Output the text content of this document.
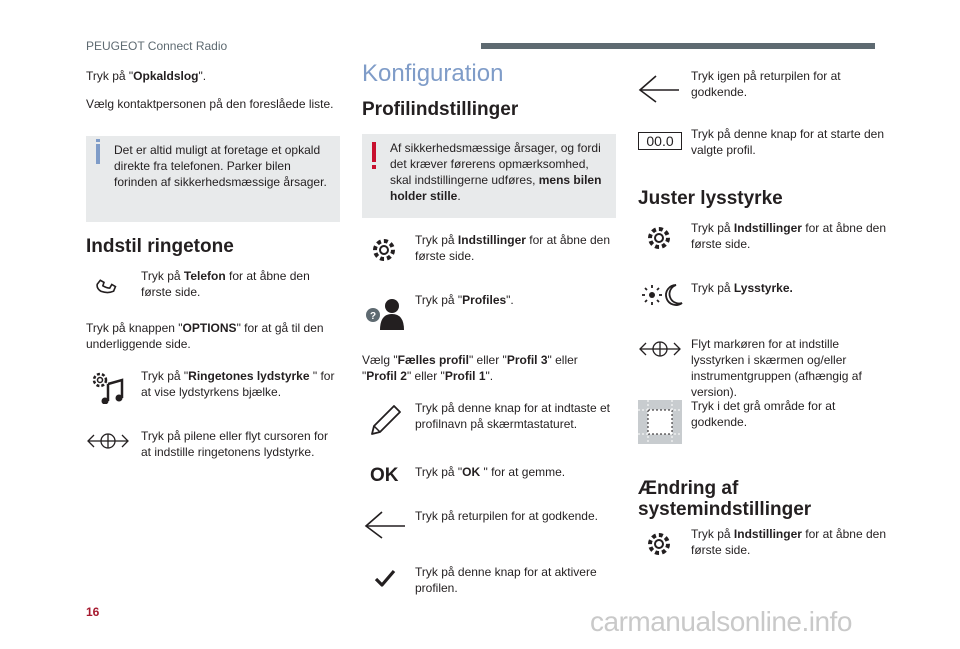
PEUGEOT Connect Radio
16	carmanualsonline.info
Tryk på "Opkaldslog".
Vælg kontaktpersonen på den foreslåede liste.
Det er altid muligt at foretage et opkald direkte fra telefonen. Parker bilen forinden af sikkerhedsmæssige årsager.
Indstil ringetone
Tryk på Telefon for at åbne den første side.
Tryk på knappen "OPTIONS" for at gå til den underliggende side.
Tryk på "Ringetones lydstyrke " for at vise lydstyrkens bjælke.
Tryk på pilene eller flyt cursoren for at indstille ringetonens lydstyrke.
Konfiguration
Profilindstillinger
Af sikkerhedsmæssige årsager, og fordi det kræver førerens opmærksomhed, skal indstillingerne udføres, mens bilen holder stille.
Tryk på Indstillinger for at åbne den første side.
?
Tryk på "Profiles".
Vælg "Fælles profil" eller "Profil 3" eller "Profil 2" eller "Profil 1".
Tryk på denne knap for at indtaste et profilnavn på skærmtastaturet.
OK Tryk på "OK " for at gemme.
Tryk på returpilen for at godkende.
Tryk på denne knap for at aktivere profilen.
Tryk igen på returpilen for at godkende.
00.0	Tryk på denne knap for at starte den valgte profil.
Juster lysstyrke
Tryk på Indstillinger for at åbne den første side.
Tryk på Lysstyrke.
Flyt markøren for at indstille lysstyrken i skærmen og/eller instrumentgruppen (afhængig af version).
Tryk i det grå område for at godkende.
Ændring af
systemindstillinger
Tryk på Indstillinger for at åbne den første side.
